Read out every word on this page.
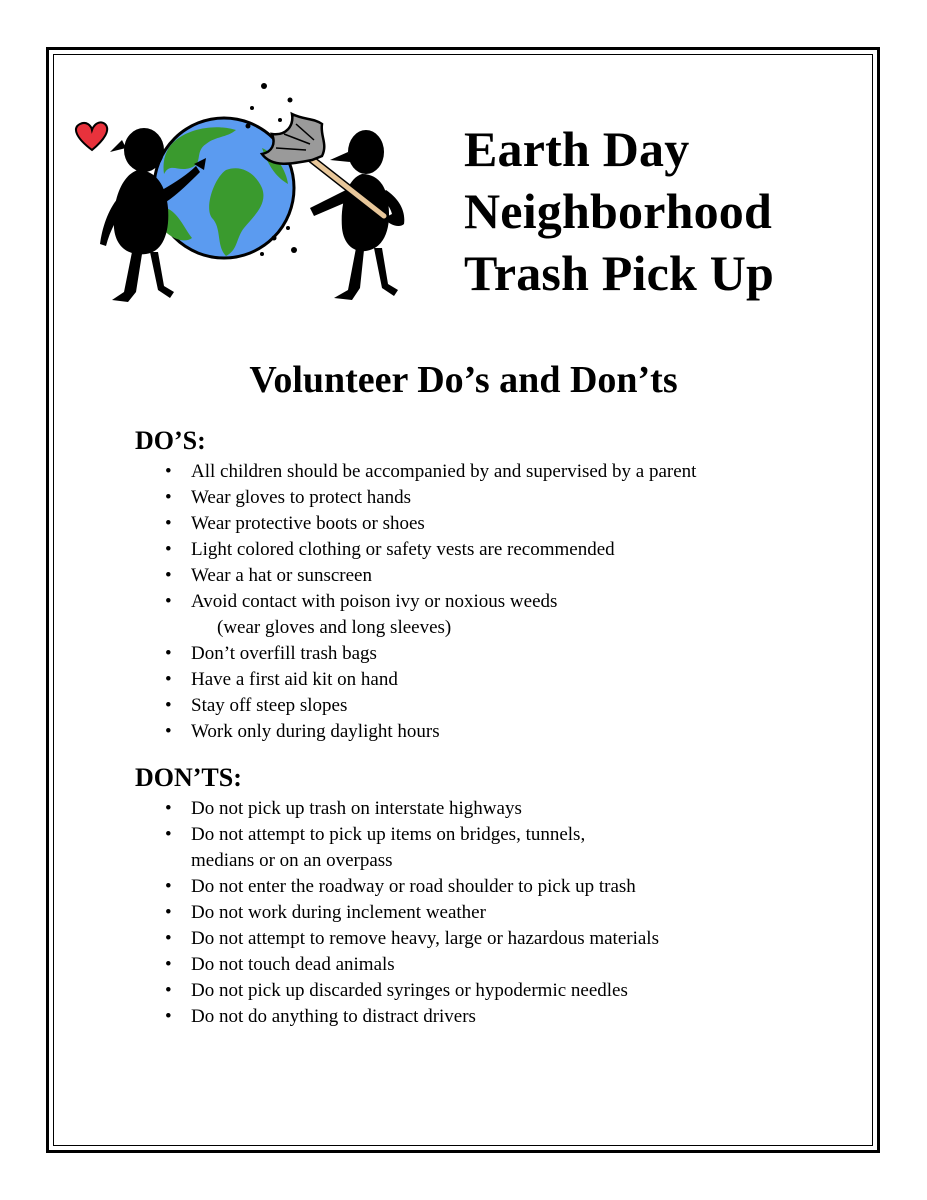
Earth Day
Neighborhood
Trash Pick Up
Volunteer Do’s and Don’ts
DO’S:
• All children should be accompanied by and supervised by a parent
• Wear gloves to protect hands
• Wear protective boots or shoes
• Light colored clothing or safety vests are recommended
• Wear a hat or sunscreen
• Avoid contact with poison ivy or noxious weeds
(wear gloves and long sleeves)
• Don’t overfill trash bags
• Have a first aid kit on hand
• Stay off steep slopes
• Work only during daylight hours
DON’TS:
• Do not pick up trash on interstate highways
• Do not attempt to pick up items on bridges, tunnels,
medians or on an overpass
• Do not enter the roadway or road shoulder to pick up trash
• Do not work during inclement weather
• Do not attempt to remove heavy, large or hazardous materials
• Do not touch dead animals
• Do not pick up discarded syringes or hypodermic needles
• Do not do anything to distract drivers
